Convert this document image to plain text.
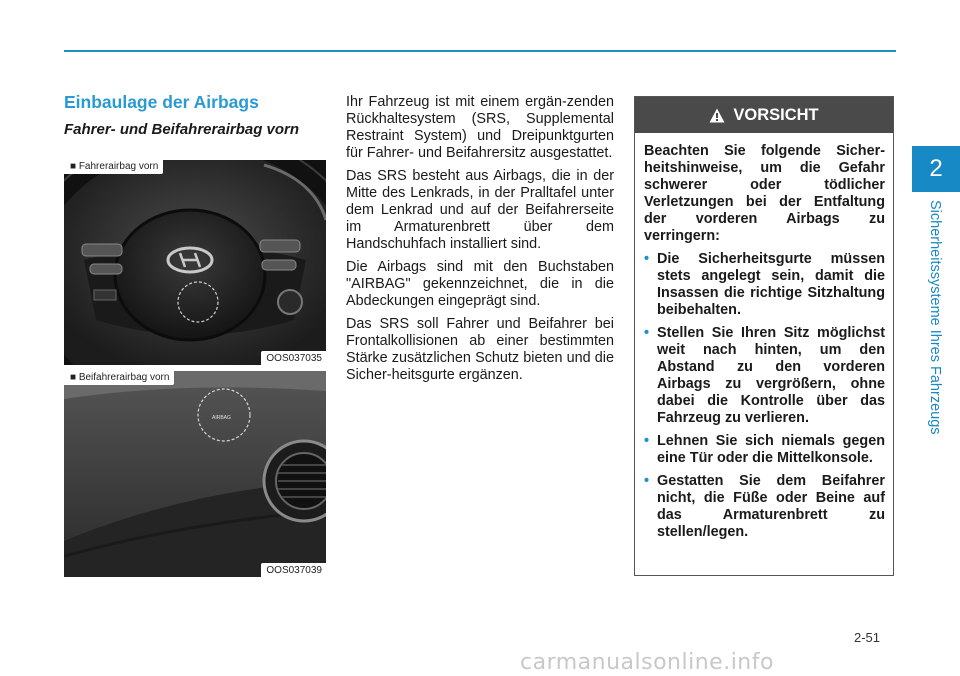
2
Sicherheitssysteme Ihres Fahrzeugs
Einbaulage der Airbags
Fahrer- und Beifahrerairbag vorn
■ Fahrerairbag vorn
OOS037035
AIRBAG
■ Beifahrerairbag vorn
OOS037039

Ihr Fahrzeug ist mit einem ergän-zenden Rückhaltesystem (SRS, Supplemental Restraint System) und Dreipunktgurten für Fahrer- und Beifahrersitz ausgestattet.

Das SRS besteht aus Airbags, die in der Mitte des Lenkrads, in der Pralltafel unter dem Lenkrad und auf der Beifahrerseite im Armaturenbrett über dem Handschuhfach installiert sind.

Die Airbags sind mit den Buchstaben "AIRBAG" gekennzeichnet, die in die Abdeckungen eingeprägt sind.

Das SRS soll Fahrer und Beifahrer bei Frontalkollisionen ab einer bestimmten Stärke zusätzlichen Schutz bieten und die Sicher-heitsgurte ergänzen.

VORSICHT

Beachten Sie folgende Sicher-heitshinweise, um die Gefahr schwerer oder tödlicher Verletzungen bei der Entfaltung der vorderen Airbags zu verringern:

• Die Sicherheitsgurte müssen stets angelegt sein, damit die Insassen die richtige Sitzhaltung beibehalten.
• Stellen Sie Ihren Sitz möglichst weit nach hinten, um den Abstand zu den vorderen Airbags zu vergrößern, ohne dabei die Kontrolle über das Fahrzeug zu verlieren.
• Lehnen Sie sich niemals gegen eine Tür oder die Mittelkonsole.
• Gestatten Sie dem Beifahrer nicht, die Füße oder Beine auf das Armaturenbrett zu stellen/legen.
2-51
carmanualsonline.info
